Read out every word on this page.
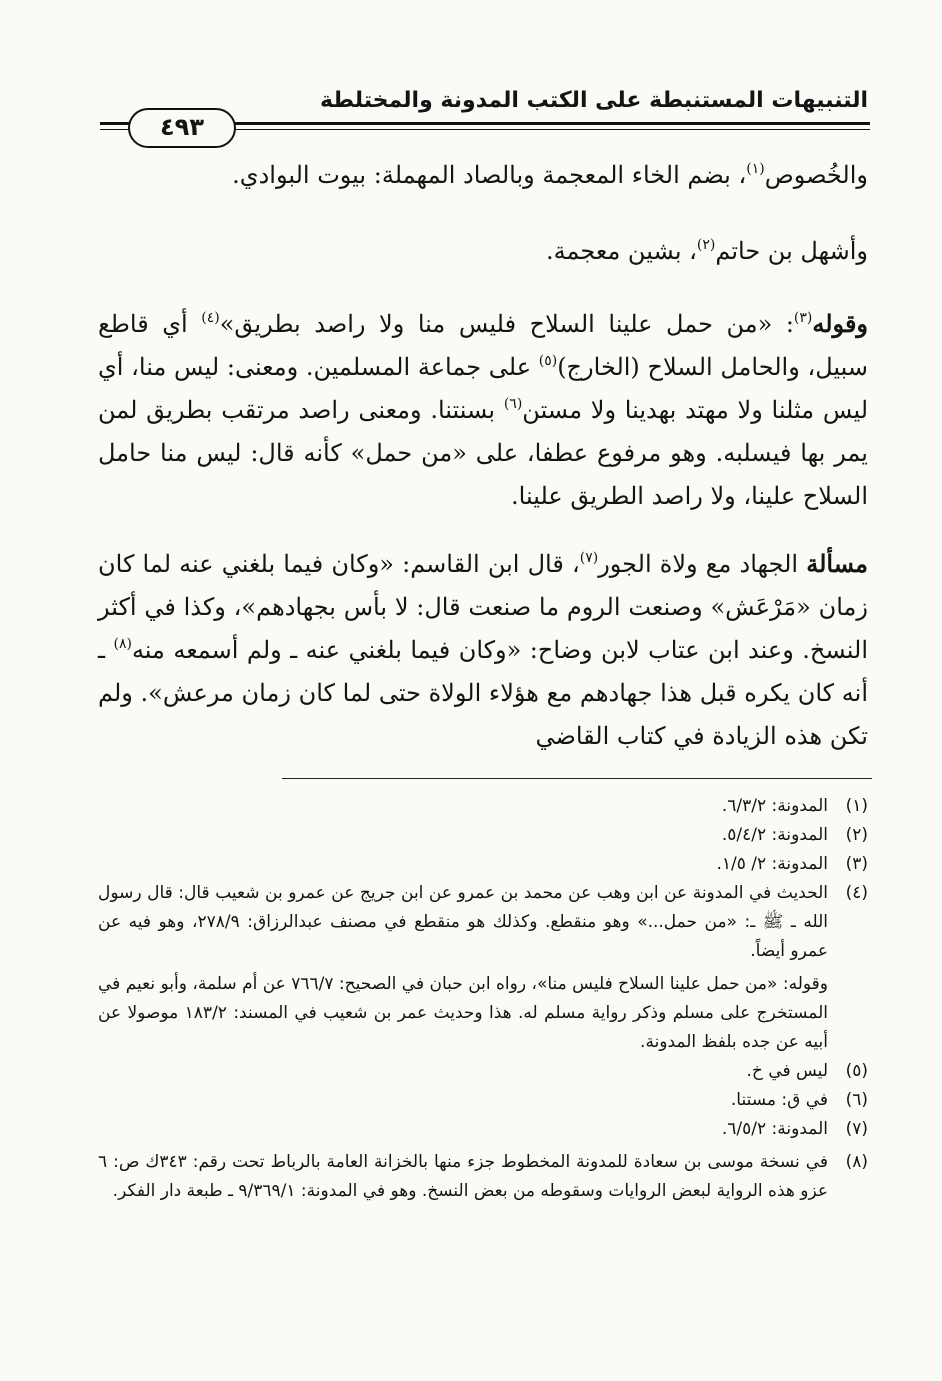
التنبيهات المستنبطة على الكتب المدونة والمختلطة
٤٩٣

والخُصوص$^{(١)}$، بضم الخاء المعجمة وبالصاد المهملة: بيوت البوادي.

وأشهل بن حاتم$^{(٢)}$، بشين معجمة.

وقوله$^{(٣)}$: «من حمل علينا السلاح فليس منا ولا راصد بطريق»$^{(٤)}$ أي قاطع سبيل، والحامل السلاح (الخارج)$^{(٥)}$ على جماعة المسلمين. ومعنى: ليس منا، أي ليس مثلنا ولا مهتد بهدينا ولا مستن$^{(٦)}$ بسنتنا. ومعنى راصد مرتقب بطريق لمن يمر بها فيسلبه. وهو مرفوع عطفا، على «من حمل» كأنه قال: ليس منا حامل السلاح علينا، ولا راصد الطريق علينا.

مسألة الجهاد مع ولاة الجور$^{(٧)}$، قال ابن القاسم: «وكان فيما بلغني عنه لما كان زمان «مَرْعَش» وصنعت الروم ما صنعت قال: لا بأس بجهادهم»، وكذا في أكثر النسخ. وعند ابن عتاب لابن وضاح: «وكان فيما بلغني عنه ـ ولم أسمعه منه$^{(٨)}$ ـ أنه كان يكره قبل هذا جهادهم مع هؤلاء الولاة حتى لما كان زمان مرعش». ولم تكن هذه الزيادة في كتاب القاضي

(١)
المدونة: ٦/٣/٢.
(٢)
المدونة: ٥/٤/٢.
(٣)
المدونة: ٢/ ١/٥.
(٤)
الحديث في المدونة عن ابن وهب عن محمد بن عمرو عن ابن جريج عن عمرو بن شعيب قال: قال رسول الله ـ ﷺ ـ: «من حمل...» وهو منقطع. وكذلك هو منقطع في مصنف عبدالرزاق: ٢٧٨/٩، وهو فيه عن عمرو أيضاً.
وقوله: «من حمل علينا السلاح فليس منا»، رواه ابن حبان في الصحيح: ٧٦٦/٧ عن أم سلمة، وأبو نعيم في المستخرج على مسلم وذكر رواية مسلم له. هذا وحديث عمر بن شعيب في المسند: ١٨٣/٢ موصولا عن أبيه عن جده بلفظ المدونة.
(٥)
ليس في خ.
(٦)
في ق: مستنا.
(٧)
المدونة: ٦/٥/٢.
(٨)
في نسخة موسى بن سعادة للمدونة المخطوط جزء منها بالخزانة العامة بالرباط تحت رقم: ٣٤٣ك ص: ٦ عزو هذه الرواية لبعض الروايات وسقوطه من بعض النسخ. وهو في المدونة: ٩/٣٦٩/١ ـ طبعة دار الفكر.
